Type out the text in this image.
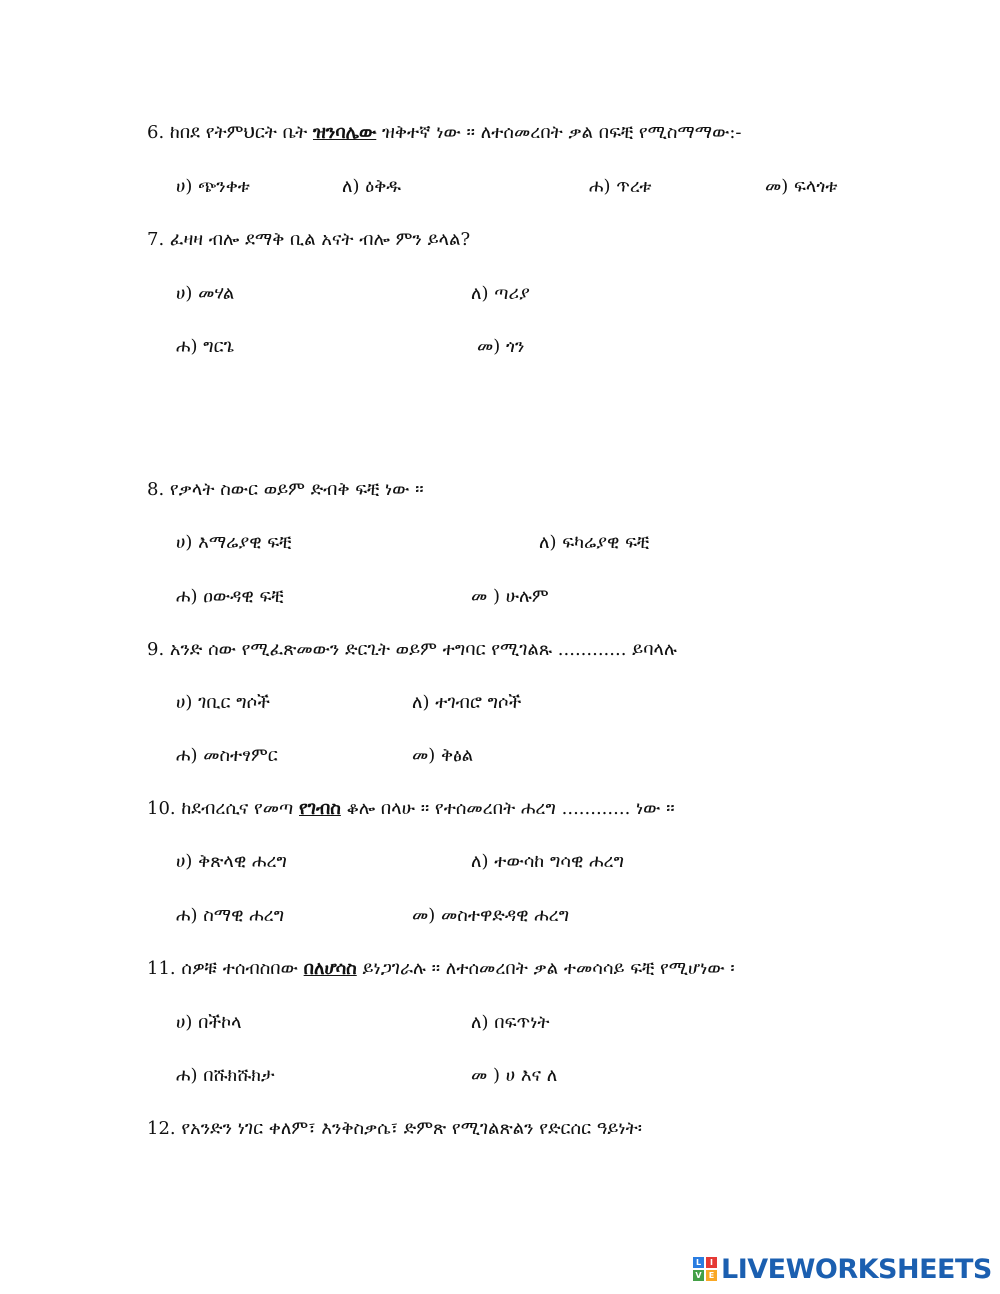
6. ከበደ የትምህርት ቤት ዝንባሌው ዝቅተኛ ነው ፡፡ ለተሰመረበት ቃል በፍቺ የሚስማማው:-
ሀ) ጭንቀቱ	ለ) ዕቅዱ	ሐ) ጥረቱ	መ) ፍላጎቱ
7. ፈዛዛ ብሎ ደማቅ ቢል አናት ብሎ ምን ይላል?
ሀ) መሃል	ለ) ጣሪያ
ሐ) ግርጌ	መ) ጎን
8. የቃላት ስውር ወይም ድብቅ ፍቺ ነው ፡፡
ሀ) እማሬያዊ ፍቺ	ለ) ፍካሬያዊ ፍቺ
ሐ) ዐውዳዊ ፍቺ	መ ) ሁሉም
9. አንድ ሰው የሚፈጽመውን ድርጊት ወይም ተግባር የሚገልጹ ............ ይባላሉ
ሀ) ገቢር ግሶች	ለ) ተገብሮ ግሶች
ሐ) መስተፃምር	መ) ቅፅል
10. ከደብረሲና የመጣ የገብስ ቆሎ በላሁ ፡፡ የተሰመረበት ሐረግ ............ ነው ፡፡
ሀ) ቅጽላዊ ሐረግ	ለ) ተውሳከ ግሳዊ ሐረግ
ሐ) ስማዊ ሐረግ	መ) መስተዋድዳዊ ሐረግ
11. ሰዎቹ ተሰብስበው በለሆሳስ ይነጋገራሉ ፡፡ ለተሰመረበት ቃል ተመሳሳይ ፍቺ የሚሆነው ፡
ሀ) በችኮላ	ለ) በፍጥነት
ሐ) በሹክሹክታ	መ ) ሀ እና ለ
12. የአንድን ነገር ቀለም፣ እንቅስቃሴ፣ ድምጽ የሚገልጽልን የድርሰር ዓይነት፡
L	I
V E LIVEWORKSHEETS
